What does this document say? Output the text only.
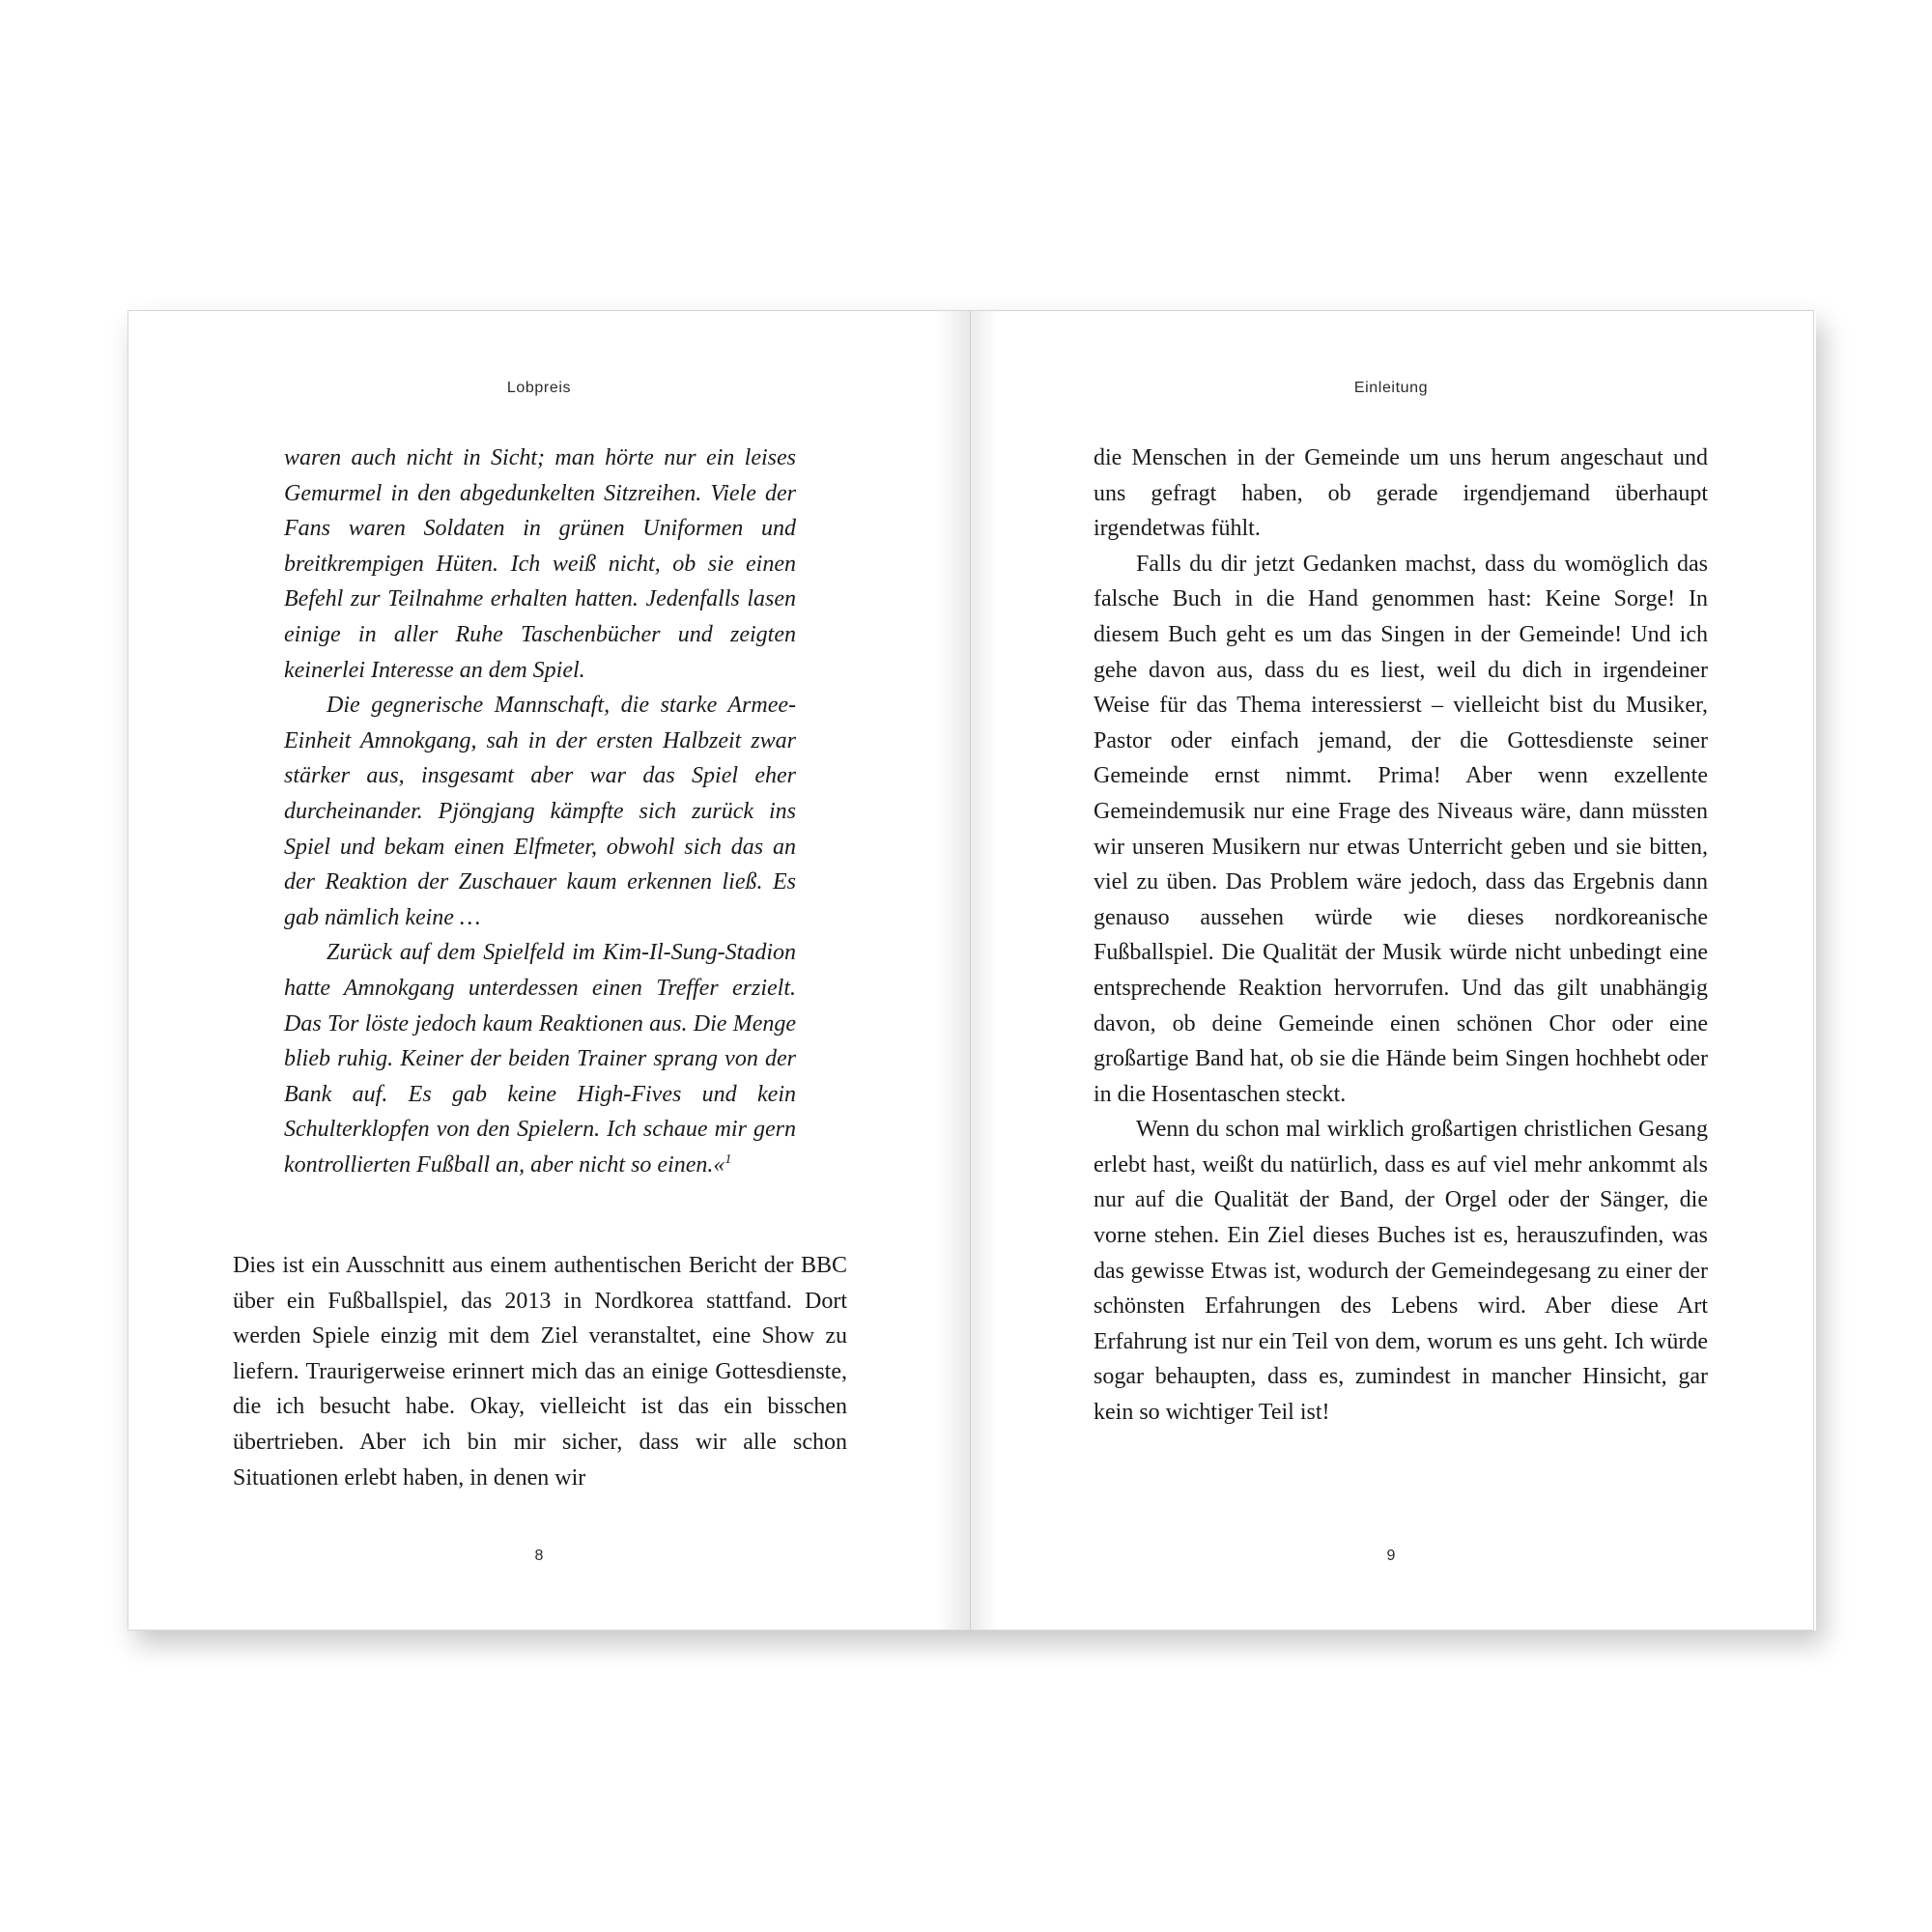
Lobpreis

waren auch nicht in Sicht; man hörte nur ein leises Gemurmel in den abgedunkelten Sitzreihen. Viele der Fans waren Soldaten in grünen Uniformen und breitkrempigen Hüten. Ich weiß nicht, ob sie einen Befehl zur Teilnahme erhalten hatten. Jedenfalls lasen einige in aller Ruhe Taschenbücher und zeigten keinerlei Interesse an dem Spiel.

Die gegnerische Mannschaft, die starke Armee-Einheit Amnokgang, sah in der ersten Halbzeit zwar stärker aus, insgesamt aber war das Spiel eher durcheinander. Pjöngjang kämpfte sich zurück ins Spiel und bekam einen Elfmeter, obwohl sich das an der Reaktion der Zuschauer kaum erkennen ließ. Es gab nämlich keine …

Zurück auf dem Spielfeld im Kim-Il-Sung-Stadion hatte Amnokgang unterdessen einen Treffer erzielt. Das Tor löste jedoch kaum Reaktionen aus. Die Menge blieb ruhig. Keiner der beiden Trainer sprang von der Bank auf. Es gab keine High-Fives und kein Schulterklopfen von den Spielern. Ich schaue mir gern kontrollierten Fußball an, aber nicht so einen.«$^1$

Dies ist ein Ausschnitt aus einem authentischen Bericht der BBC über ein Fußballspiel, das 2013 in Nordkorea stattfand. Dort werden Spiele einzig mit dem Ziel veranstaltet, eine Show zu liefern. Traurigerweise erinnert mich das an einige Gottesdienste, die ich besucht habe. Okay, vielleicht ist das ein bisschen übertrieben. Aber ich bin mir sicher, dass wir alle schon Situationen erlebt haben, in denen wir

8
Einleitung

die Menschen in der Gemeinde um uns herum angeschaut und uns gefragt haben, ob gerade irgendjemand überhaupt irgendetwas fühlt.

Falls du dir jetzt Gedanken machst, dass du womöglich das falsche Buch in die Hand genommen hast: Keine Sorge! In diesem Buch geht es um das Singen in der Gemeinde! Und ich gehe davon aus, dass du es liest, weil du dich in irgendeiner Weise für das Thema interessierst – vielleicht bist du Musiker, Pastor oder einfach jemand, der die Gottesdienste seiner Gemeinde ernst nimmt. Prima! Aber wenn exzellente Gemeindemusik nur eine Frage des Niveaus wäre, dann müssten wir unseren Musikern nur etwas Unterricht geben und sie bitten, viel zu üben. Das Problem wäre jedoch, dass das Ergebnis dann genauso aussehen würde wie dieses nordkoreanische Fußballspiel. Die Qualität der Musik würde nicht unbedingt eine entsprechende Reaktion hervorrufen. Und das gilt unabhängig davon, ob deine Gemeinde einen schönen Chor oder eine großartige Band hat, ob sie die Hände beim Singen hochhebt oder in die Hosentaschen steckt.

Wenn du schon mal wirklich großartigen christlichen Gesang erlebt hast, weißt du natürlich, dass es auf viel mehr ankommt als nur auf die Qualität der Band, der Orgel oder der Sänger, die vorne stehen. Ein Ziel dieses Buches ist es, herauszufinden, was das gewisse Etwas ist, wodurch der Gemeindegesang zu einer der schönsten Erfahrungen des Lebens wird. Aber diese Art Erfahrung ist nur ein Teil von dem, worum es uns geht. Ich würde sogar behaupten, dass es, zumindest in mancher Hinsicht, gar kein so wichtiger Teil ist!

9
